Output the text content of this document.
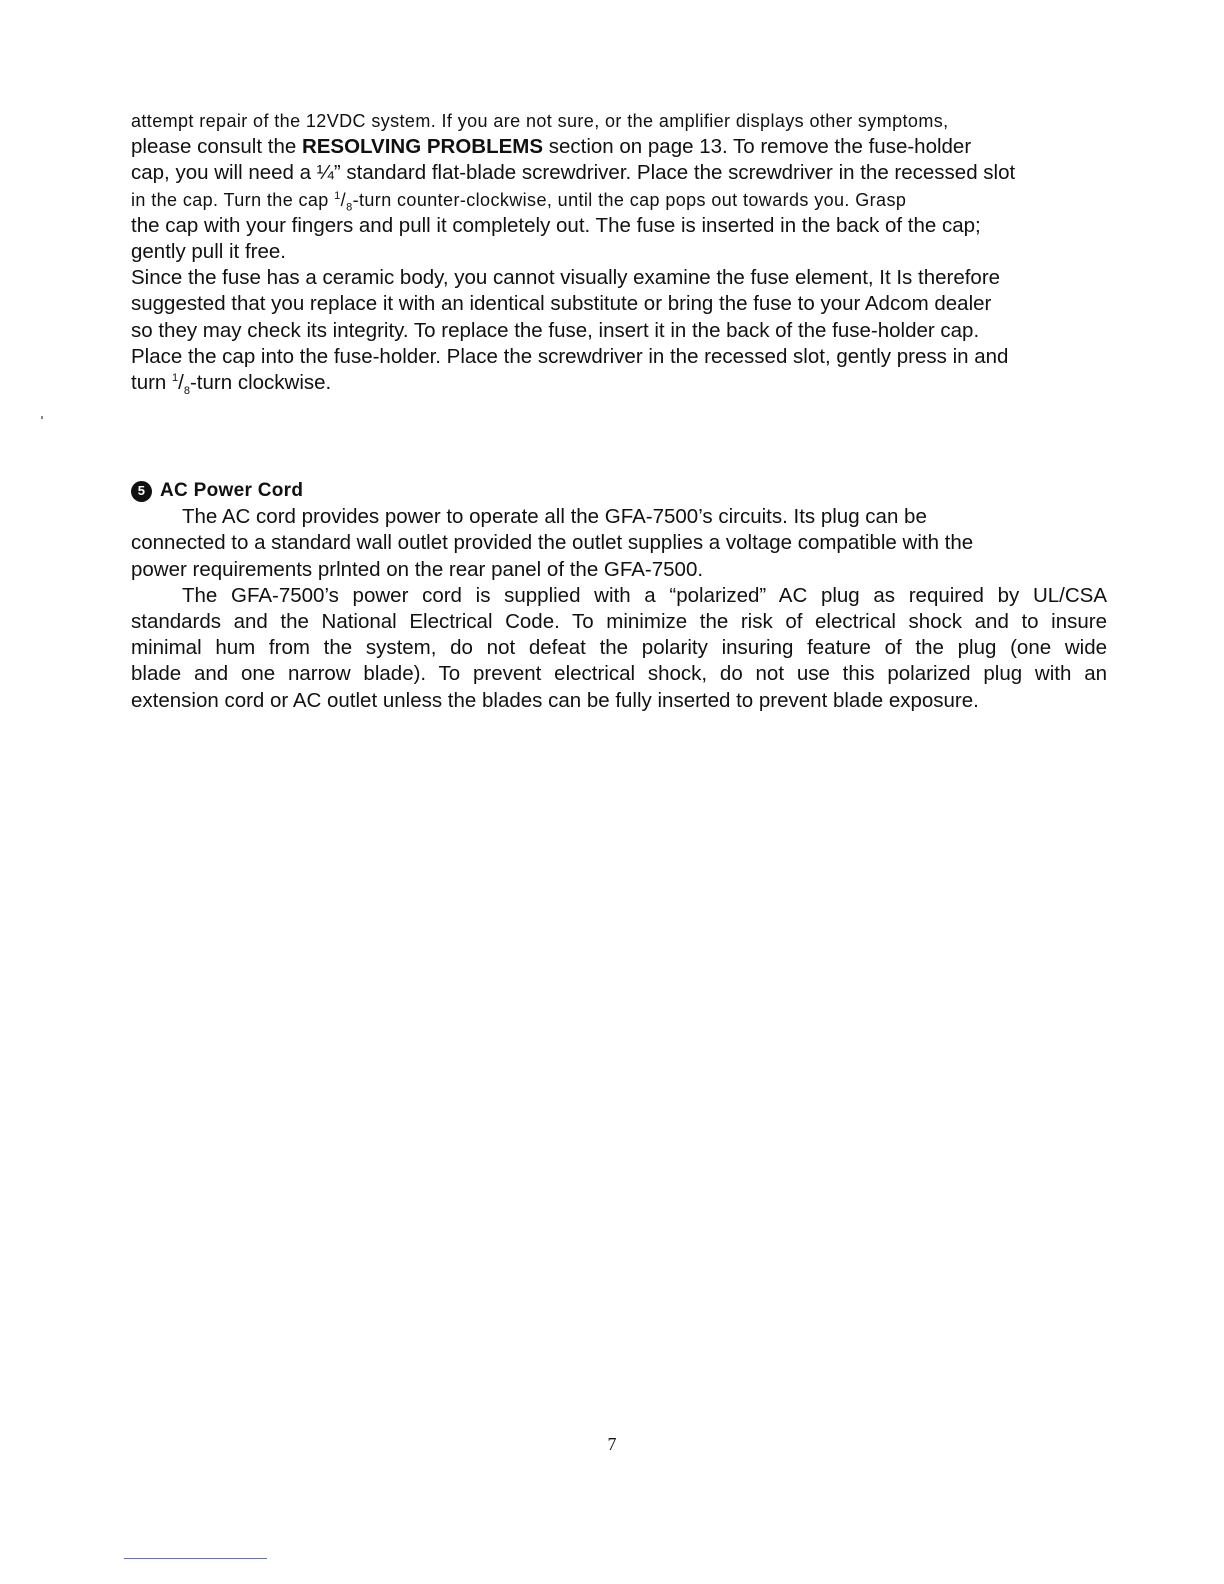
attempt repair of the 12VDC system. If you are not sure, or the amplifier displays other symptoms,
please consult the RESOLVING PROBLEMS section on page 13. To remove the fuse-holder
cap, you will need a ¼” standard flat-blade screwdriver. Place the screwdriver in the recessed slot
in the cap. Turn the cap $^1/_8$-turn counter-clockwise, until the cap pops out towards you. Grasp
the cap with your fingers and pull it completely out. The fuse is inserted in the back of the cap;
gently pull it free.
Since the fuse has a ceramic body, you cannot visually examine the fuse element, It Is therefore
suggested that you replace it with an identical substitute or bring the fuse to your Adcom dealer
so they may check its integrity. To replace the fuse, insert it in the back of the fuse-holder cap.
Place the cap into the fuse-holder. Place the screwdriver in the recessed slot, gently press in and
turn $^1/_8$-turn clockwise.
5 AC Power Cord
The AC cord provides power to operate all the GFA-7500’s circuits. Its plug can be
connected to a standard wall outlet provided the outlet supplies a voltage compatible with the
power requirements prlnted on the rear panel of the GFA-7500.
The GFA-7500’s power cord is supplied with a “polarized” AC plug as required by UL/CSA
standards and the National Electrical Code. To minimize the risk of electrical shock and to insure
minimal hum from the system, do not defeat the polarity insuring feature of the plug (one wide
blade and one narrow blade). To prevent electrical shock, do not use this polarized plug with an
extension cord or AC outlet unless the blades can be fully inserted to prevent blade exposure.
7
